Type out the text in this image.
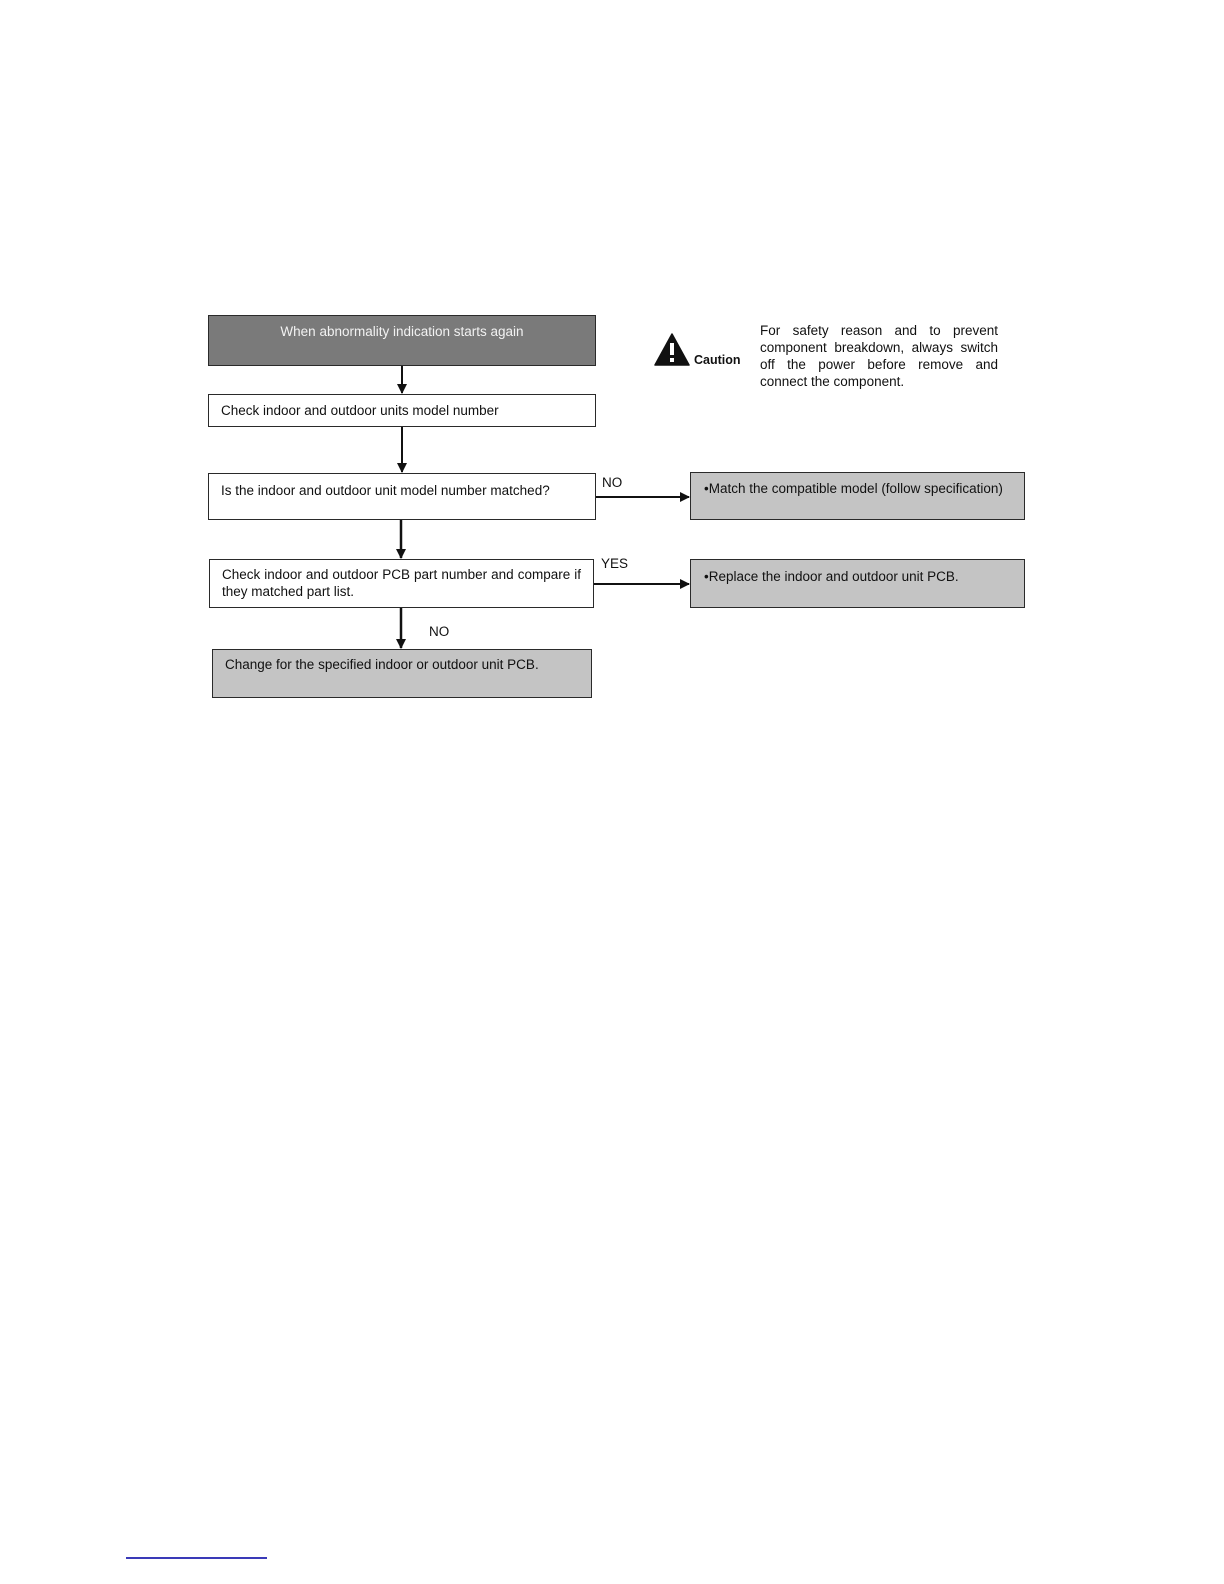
When abnormality indication starts again
Check indoor and outdoor units model number
Is the indoor and outdoor unit model number matched?
Check indoor and outdoor PCB part number and compare if they matched part list.
Change for the specified indoor or outdoor unit PCB.
•Match the compatible model (follow specification)
•Replace the indoor and outdoor unit PCB.
NO
YES
NO
Caution
For safety reason and to prevent component breakdown, always switch off the power before remove and connect the component.
